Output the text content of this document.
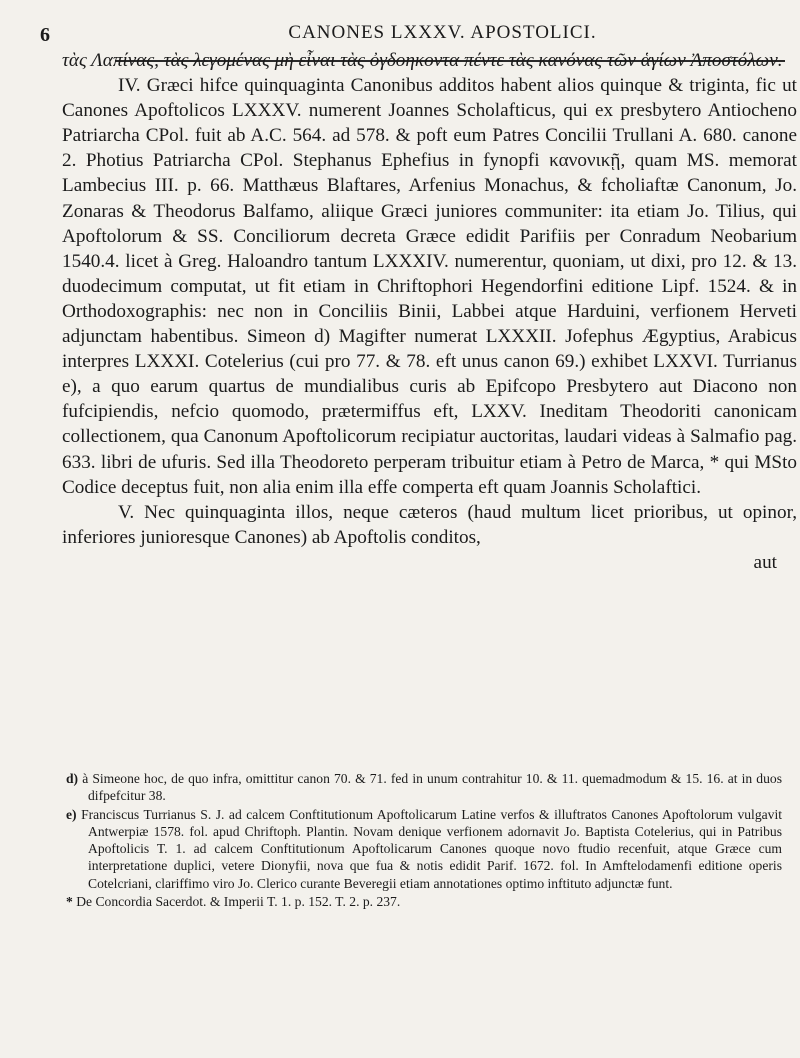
6	CANONES LXXXV. APOSTOLICI.

τὰς Λαπίνας, τὰς λεγομένας μὴ εἶναι τὰς ὀγδοηκοντα πέντε τὰς κανόνας τῶν ἁγίων Ἀποστόλων.

IV. Græci hifce quinquaginta Canonibus additos habent alios quinque & triginta, fic ut Canones Apoftolicos LXXXV. numerent Joannes Scholafticus, qui ex presbytero Antiocheno Patriarcha CPol. fuit ab A.C. 564. ad 578. & poft eum Patres Concilii Trullani A. 680. canone 2. Photius Patriarcha CPol. Stephanus Ephefius in fynopfi κανονικῇ, quam MS. memorat Lambecius III. p. 66. Matthæus Blaftares, Arfenius Monachus, & fcholiaftæ Canonum, Jo. Zonaras & Theodorus Balfamo, aliique Græci juniores communiter: ita etiam Jo. Tilius, qui Apoftolorum & SS. Conciliorum decreta Græce edidit Parifiis per Conradum Neobarium 1540.4. licet à Greg. Haloandro tantum LXXXIV. numerentur, quoniam, ut dixi, pro 12. & 13. duodecimum computat, ut fit etiam in Chriftophori Hegendorfini editione Lipf. 1524. & in Orthodoxographis: nec non in Conciliis Binii, Labbei atque Harduini, verfionem Herveti adjunctam habentibus. Simeon d) Magifter numerat LXXXII. Jofephus Ægyptius, Arabicus interpres LXXXI. Cotelerius (cui pro 77. & 78. eft unus canon 69.) exhibet LXXVI. Turrianus e), a quo earum quartus de mundialibus curis ab Epifcopo Presbytero aut Diacono non fufcipiendis, nefcio quomodo, prætermiffus eft, LXXV. Ineditam Theodoriti canonicam collectionem, qua Canonum Apoftolicorum recipiatur auctoritas, laudari videas à Salmafio pag. 633. libri de ufuris. Sed illa Theodoreto perperam tribuitur etiam à Petro de Marca, * qui MSto Codice deceptus fuit, non alia enim illa effe comperta eft quam Joannis Scholaftici.

V. Nec quinquaginta illos, neque cæteros (haud multum licet prioribus, ut opinor, inferiores junioresque Canones) ab Apoftolis conditos,

aut

d) à Simeone hoc, de quo infra, omittitur canon 70. & 71. fed in unum contrahitur 10. & 11. quemadmodum & 15. 16. at in duos difpefcitur 38.

e) Franciscus Turrianus S. J. ad calcem Conftitutionum Apoftolicarum Latine verfos & illuftratos Canones Apoftolorum vulgavit Antwerpiæ 1578. fol. apud Chriftoph. Plantin. Novam denique verfionem adornavit Jo. Baptista Cotelerius, qui in Patribus Apoftolicis T. 1. ad calcem Conftitutionum Apoftolicarum Canones quoque novo ftudio recenfuit, atque Græce cum interpretatione duplici, vetere Dionyfii, nova que fua & notis edidit Parif. 1672. fol. In Amftelodamenfi editione operis Cotelcriani, clariffimo viro Jo. Clerico curante Beveregii etiam annotationes optimo inftituto adjunctæ funt.

* De Concordia Sacerdot. & Imperii T. 1. p. 152. T. 2. p. 237.
